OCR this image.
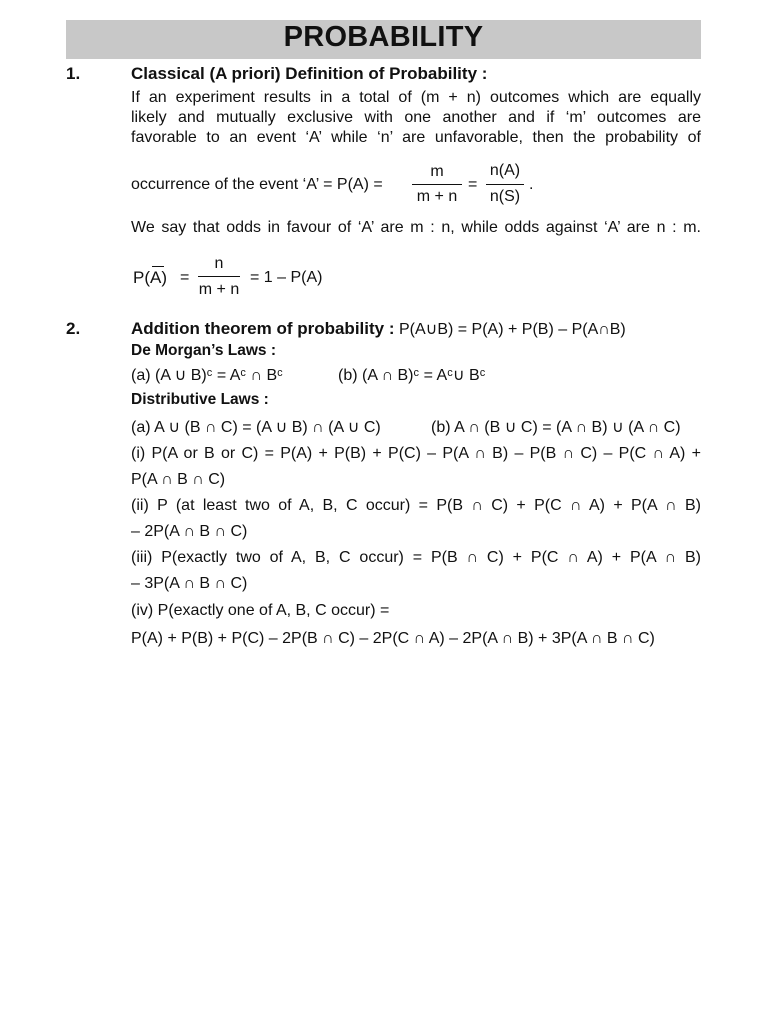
PROBABILITY
1.	Classical (A priori) Definition of Probability :
If an experiment results in a total of (m + n) outcomes which are equally
likely and mutually exclusive with one another and if ‘m’ outcomes are
favorable to an event ‘A’ while ‘n’ are unfavorable, then the probability of
occurrence of the event ‘A’ = P(A) =
m
m + n
=
n(A)
n(S)
.
We say that odds in favour of ‘A’ are m : n, while odds against ‘A’ are n : m.
P(A) =
n
m + n
= 1 – P(A)
2.	Addition theorem of probability : P(A∪B) = P(A) + P(B) – P(A∩B)
De Morgan’s Laws :
(a) (A ∪ B)ᶜ = Aᶜ ∩ Bᶜ	(b) (A ∩ B)ᶜ = Aᶜ∪ Bᶜ
Distributive Laws :
(a) A ∪ (B ∩ C) = (A ∪ B) ∩ (A ∪ C)	(b) A ∩ (B ∪ C) = (A ∩ B) ∪ (A ∩ C)
(i) P(A or B or C) = P(A) + P(B) + P(C) – P(A ∩ B) – P(B ∩ C) – P(C ∩ A) +
P(A ∩ B ∩ C)
(ii) P (at least two of A, B, C occur) = P(B ∩ C) + P(C ∩ A) + P(A ∩ B)
– 2P(A ∩ B ∩ C)
(iii) P(exactly two of A, B, C occur) = P(B ∩ C) + P(C ∩ A) + P(A ∩ B)
– 3P(A ∩ B ∩ C)
(iv) P(exactly one of A, B, C occur) =
P(A) + P(B) + P(C) – 2P(B ∩ C) – 2P(C ∩ A) – 2P(A ∩ B) + 3P(A ∩ B ∩ C)
